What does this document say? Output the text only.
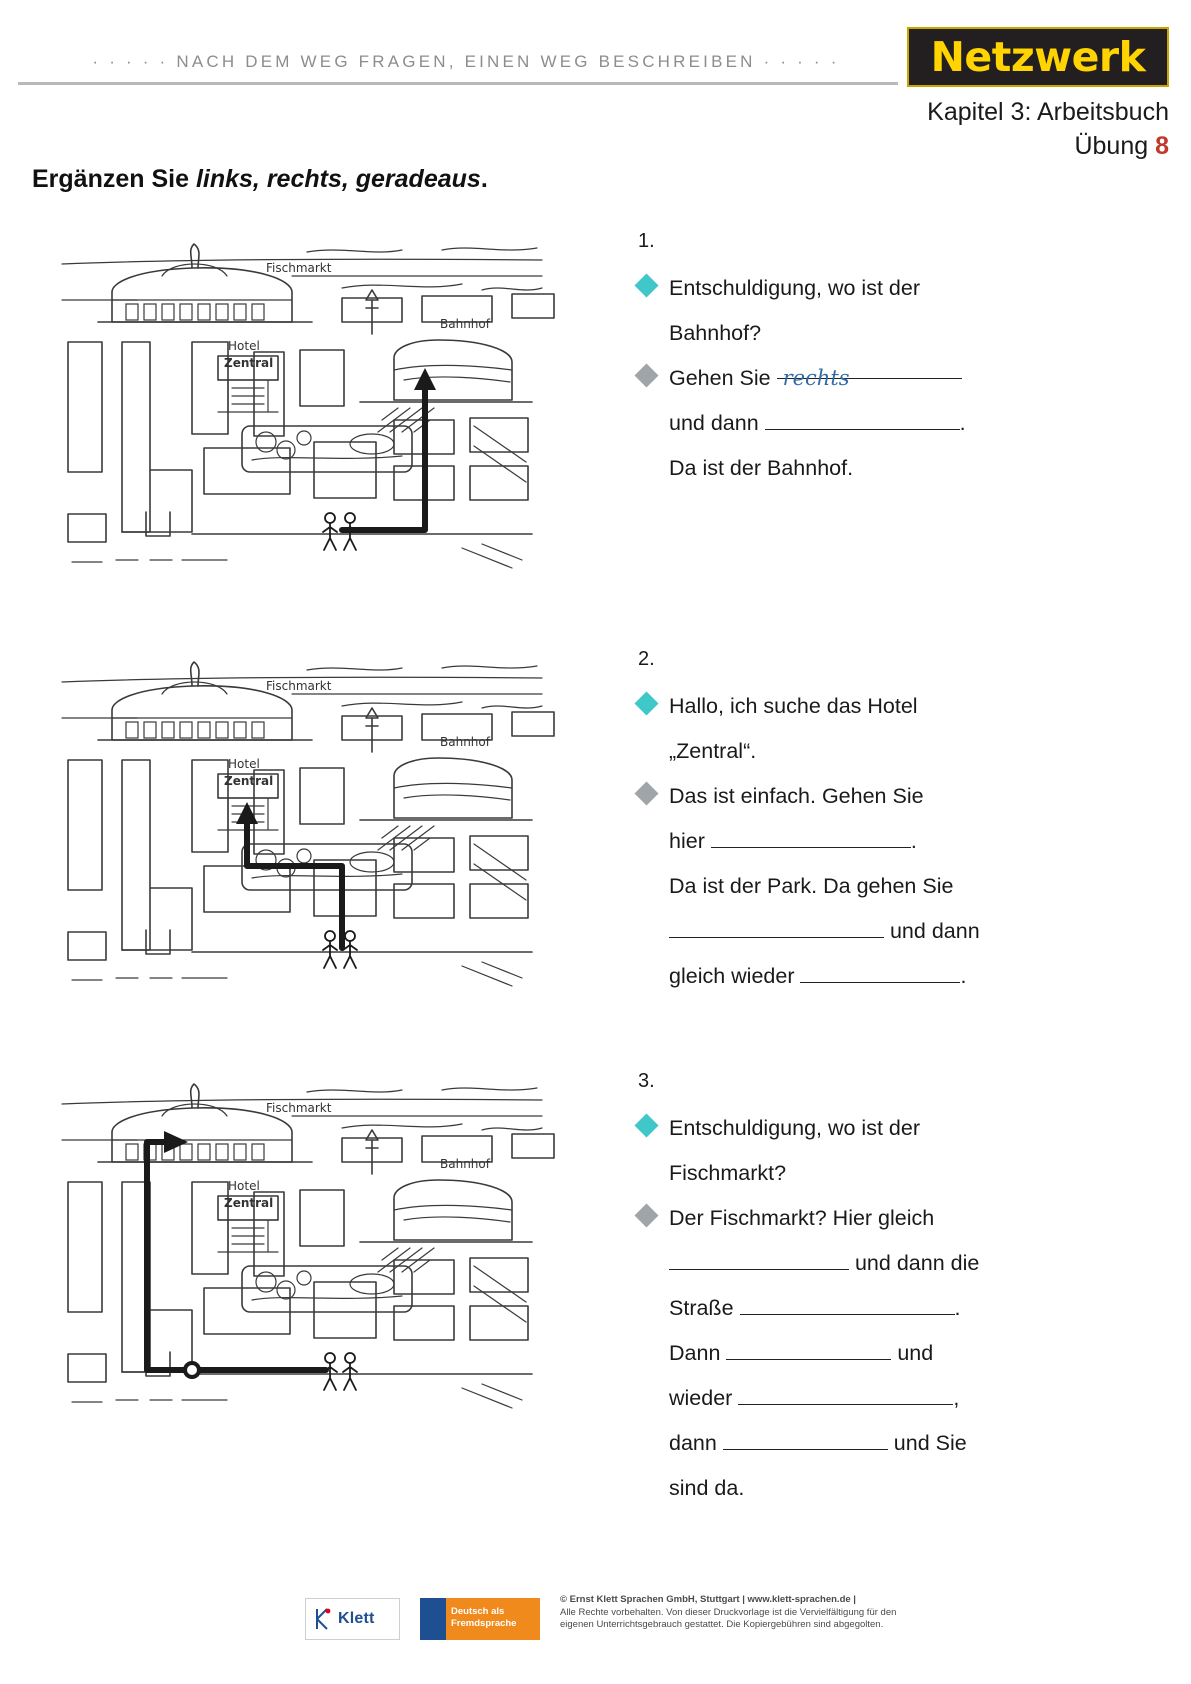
· · · · · NACH DEM WEG FRAGEN, EINEN WEG BESCHREIBEN · · · · ·	Netzwerk
Kapitel 3: Arbeitsbuch
Übung 8
Ergänzen Sie links, rechts, geradeaus.
Fischmarkt
Hotel
Zentral
Bahnhof
1.
Entschuldigung, wo ist der
Bahnhof?
Gehen Sie rechts
und dann	.
Da ist der Bahnhof.
Fischmarkt
Hotel
Zentral
Bahnhof
2.
Hallo, ich suche das Hotel
„Zentral“.
Das ist einfach. Gehen Sie
hier	.
Da ist der Park. Da gehen Sie
und dann
gleich wieder	.
Fischmarkt
Hotel
Zentral
Bahnhof
3.
Entschuldigung, wo ist der
Fischmarkt?
Der Fischmarkt? Hier gleich
und dann die
Straße	.
Dann	und
wieder	,
dann	und Sie
sind da.
Klett	Deutsch als
Fremdsprache
© Ernst Klett Sprachen GmbH, Stuttgart | www.klett-sprachen.de |
Alle Rechte vorbehalten. Von dieser Druckvorlage ist die Vervielfältigung für den
eigenen Unterrichtsgebrauch gestattet. Die Kopiergebühren sind abgegolten.
